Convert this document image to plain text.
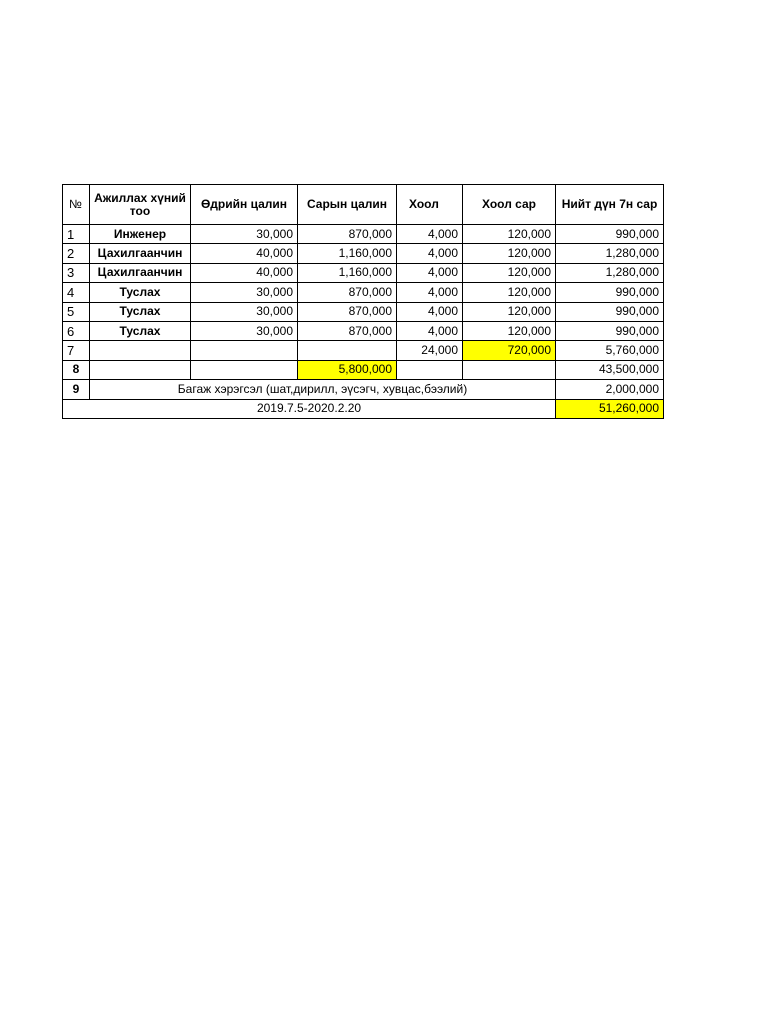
№	Ажиллах хүний тоо	Өдрийн цалин	Сарын цалин	Хоол	Хоол сар	Нийт дүн 7н сар
1	Инженер	30,000	870,000	4,000	120,000	990,000
2	Цахилгаанчин	40,000	1,160,000	4,000	120,000	1,280,000
3	Цахилгаанчин	40,000	1,160,000	4,000	120,000	1,280,000
4	Туслах	30,000	870,000	4,000	120,000	990,000
5	Туслах	30,000	870,000	4,000	120,000	990,000
6	Туслах	30,000	870,000	4,000	120,000	990,000
7				24,000	720,000	5,760,000
8			5,800,000			43,500,000
9	Багаж хэрэгсэл (шат,дирилл, эүсэгч, хувцас,бээлий)					2,000,000
2019.7.5-2020.2.20						51,260,000
